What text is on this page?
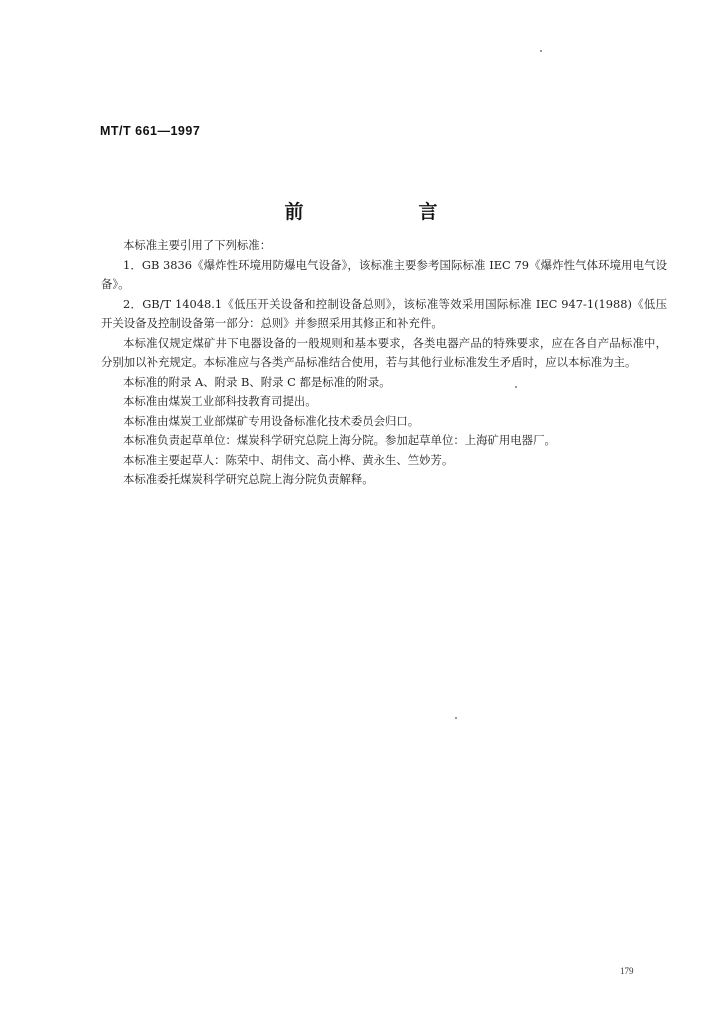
MT/T 661—1997
前　言

本标准主要引用了下列标准：

1．GB 3836《爆炸性环境用防爆电气设备》，该标准主要参考国际标准 IEC 79《爆炸性气体环境用电气设备》。

2．GB/T 14048.1《低压开关设备和控制设备总则》，该标准等效采用国际标准 IEC 947-1(1988)《低压开关设备及控制设备第一部分：总则》并参照采用其修正和补充件。

本标准仅规定煤矿井下电器设备的一般规则和基本要求，各类电器产品的特殊要求，应在各自产品标准中，分别加以补充规定。本标准应与各类产品标准结合使用，若与其他行业标准发生矛盾时，应以本标准为主。

本标准的附录 A、附录 B、附录 C 都是标准的附录。

本标准由煤炭工业部科技教育司提出。

本标准由煤炭工业部煤矿专用设备标准化技术委员会归口。

本标准负责起草单位：煤炭科学研究总院上海分院。参加起草单位：上海矿用电器厂。

本标准主要起草人：陈荣中、胡伟文、高小桦、黄永生、竺妙芳。

本标准委托煤炭科学研究总院上海分院负责解释。

179
